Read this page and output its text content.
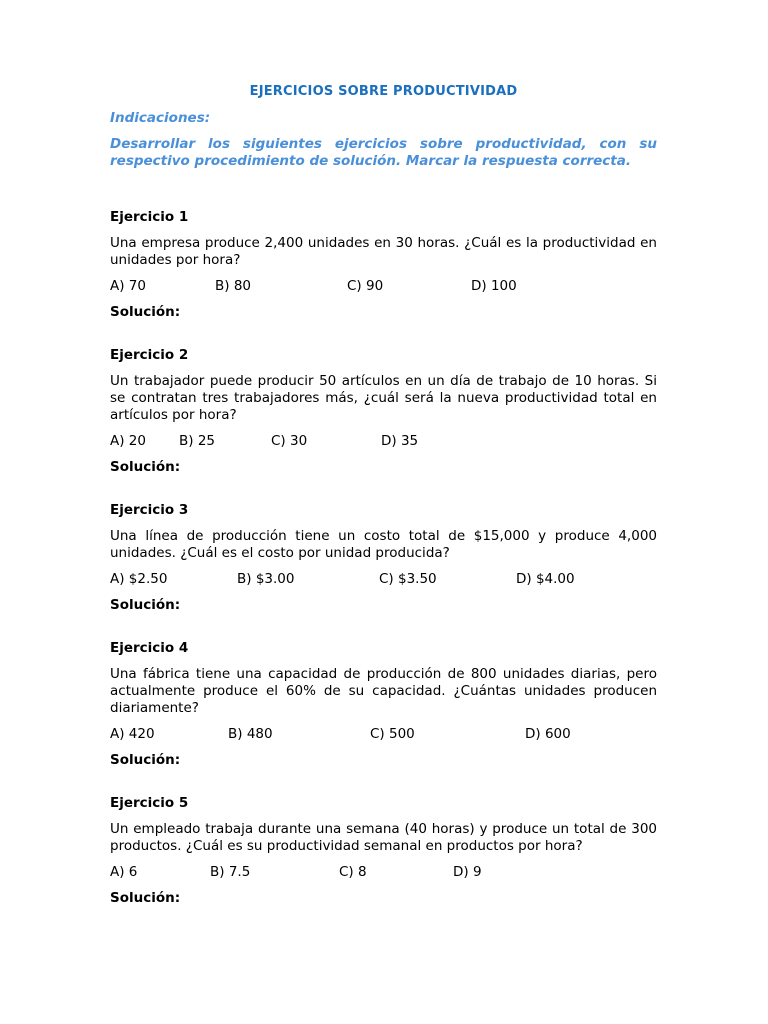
EJERCICIOS SOBRE PRODUCTIVIDAD
Indicaciones:
Desarrollar los siguientes ejercicios sobre productividad, con su respectivo procedimiento de solución. Marcar la respuesta correcta.
Ejercicio 1
Una empresa produce 2,400 unidades en 30 horas. ¿Cuál es la productividad en unidades por hora?
A) 70	B) 80	C) 90	D) 100
Solución:
Ejercicio 2
Un trabajador puede producir 50 artículos en un día de trabajo de 10 horas. Si se contratan tres trabajadores más, ¿cuál será la nueva productividad total en artículos por hora?
A) 20 B) 25	C) 30	D) 35
Solución:
Ejercicio 3
Una línea de producción tiene un costo total de $15,000 y produce 4,000 unidades. ¿Cuál es el costo por unidad producida?
A) $2.50	B) $3.00	C) $3.50	D) $4.00
Solución:
Ejercicio 4
Una fábrica tiene una capacidad de producción de 800 unidades diarias, pero actualmente produce el 60% de su capacidad. ¿Cuántas unidades producen diariamente?
A) 420	B) 480	C) 500	D) 600
Solución:
Ejercicio 5
Un empleado trabaja durante una semana (40 horas) y produce un total de 300 productos. ¿Cuál es su productividad semanal en productos por hora?
A) 6	B) 7.5	C) 8	D) 9
Solución:
